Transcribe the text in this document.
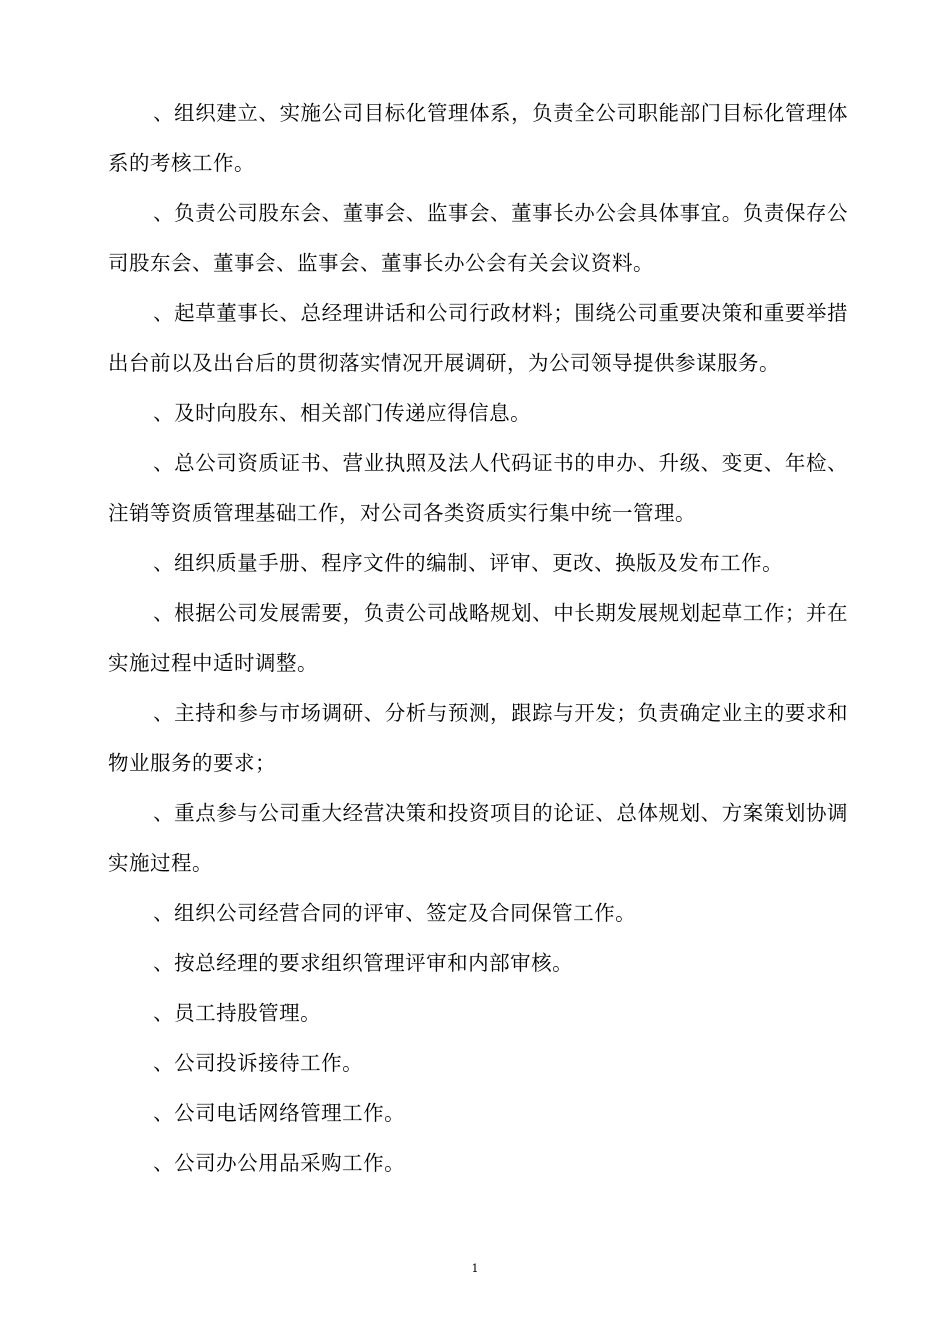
、组织建立、实施公司目标化管理体系，负责全公司职能部门目标化管理体系的考核工作。

、负责公司股东会、董事会、监事会、董事长办公会具体事宜。负责保存公司股东会、董事会、监事会、董事长办公会有关会议资料。

、起草董事长、总经理讲话和公司行政材料；围绕公司重要决策和重要举措出台前以及出台后的贯彻落实情况开展调研，为公司领导提供参谋服务。

、及时向股东、相关部门传递应得信息。

、总公司资质证书、营业执照及法人代码证书的申办、升级、变更、年检、注销等资质管理基础工作，对公司各类资质实行集中统一管理。

、组织质量手册、程序文件的编制、评审、更改、换版及发布工作。

、根据公司发展需要，负责公司战略规划、中长期发展规划起草工作；并在实施过程中适时调整。

、主持和参与市场调研、分析与预测，跟踪与开发；负责确定业主的要求和物业服务的要求；

、重点参与公司重大经营决策和投资项目的论证、总体规划、方案策划协调实施过程。

、组织公司经营合同的评审、签定及合同保管工作。

、按总经理的要求组织管理评审和内部审核。

、员工持股管理。

、公司投诉接待工作。

、公司电话网络管理工作。

、公司办公用品采购工作。

1
